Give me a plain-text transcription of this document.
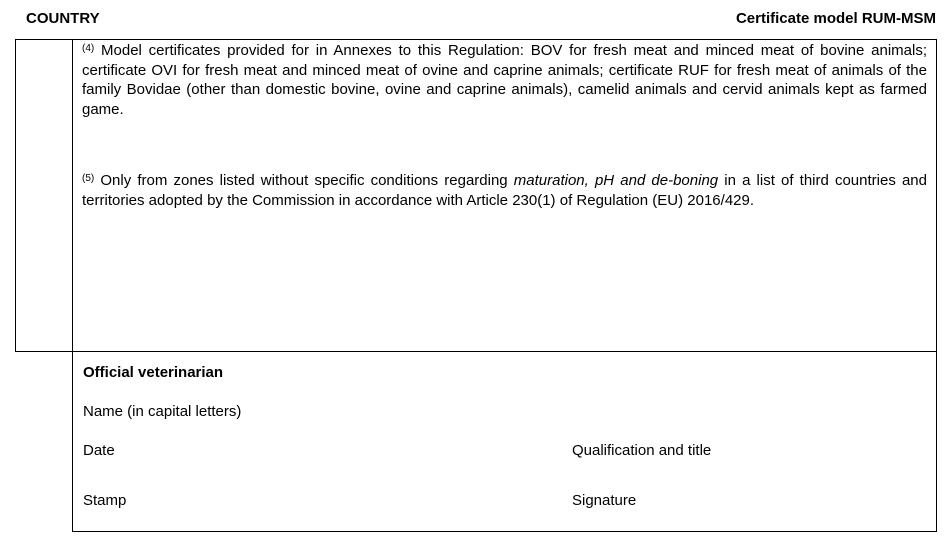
COUNTRY	Certificate model RUM-MSM
$^{(4)}$ Model certificates provided for in Annexes to this Regulation: BOV for fresh meat and minced meat of bovine animals; certificate OVI for fresh meat and minced meat of ovine and caprine animals; certificate RUF for fresh meat of animals of the family Bovidae (other than domestic bovine, ovine and caprine animals), camelid animals and cervid animals kept as farmed game.
$^{(5)}$ Only from zones listed without specific conditions regarding maturation, pH and de-boning in a list of third countries and territories adopted by the Commission in accordance with Article 230(1) of Regulation (EU) 2016/429.
Official veterinarian
Name (in capital letters)
Date	Qualification and title
Stamp	Signature
